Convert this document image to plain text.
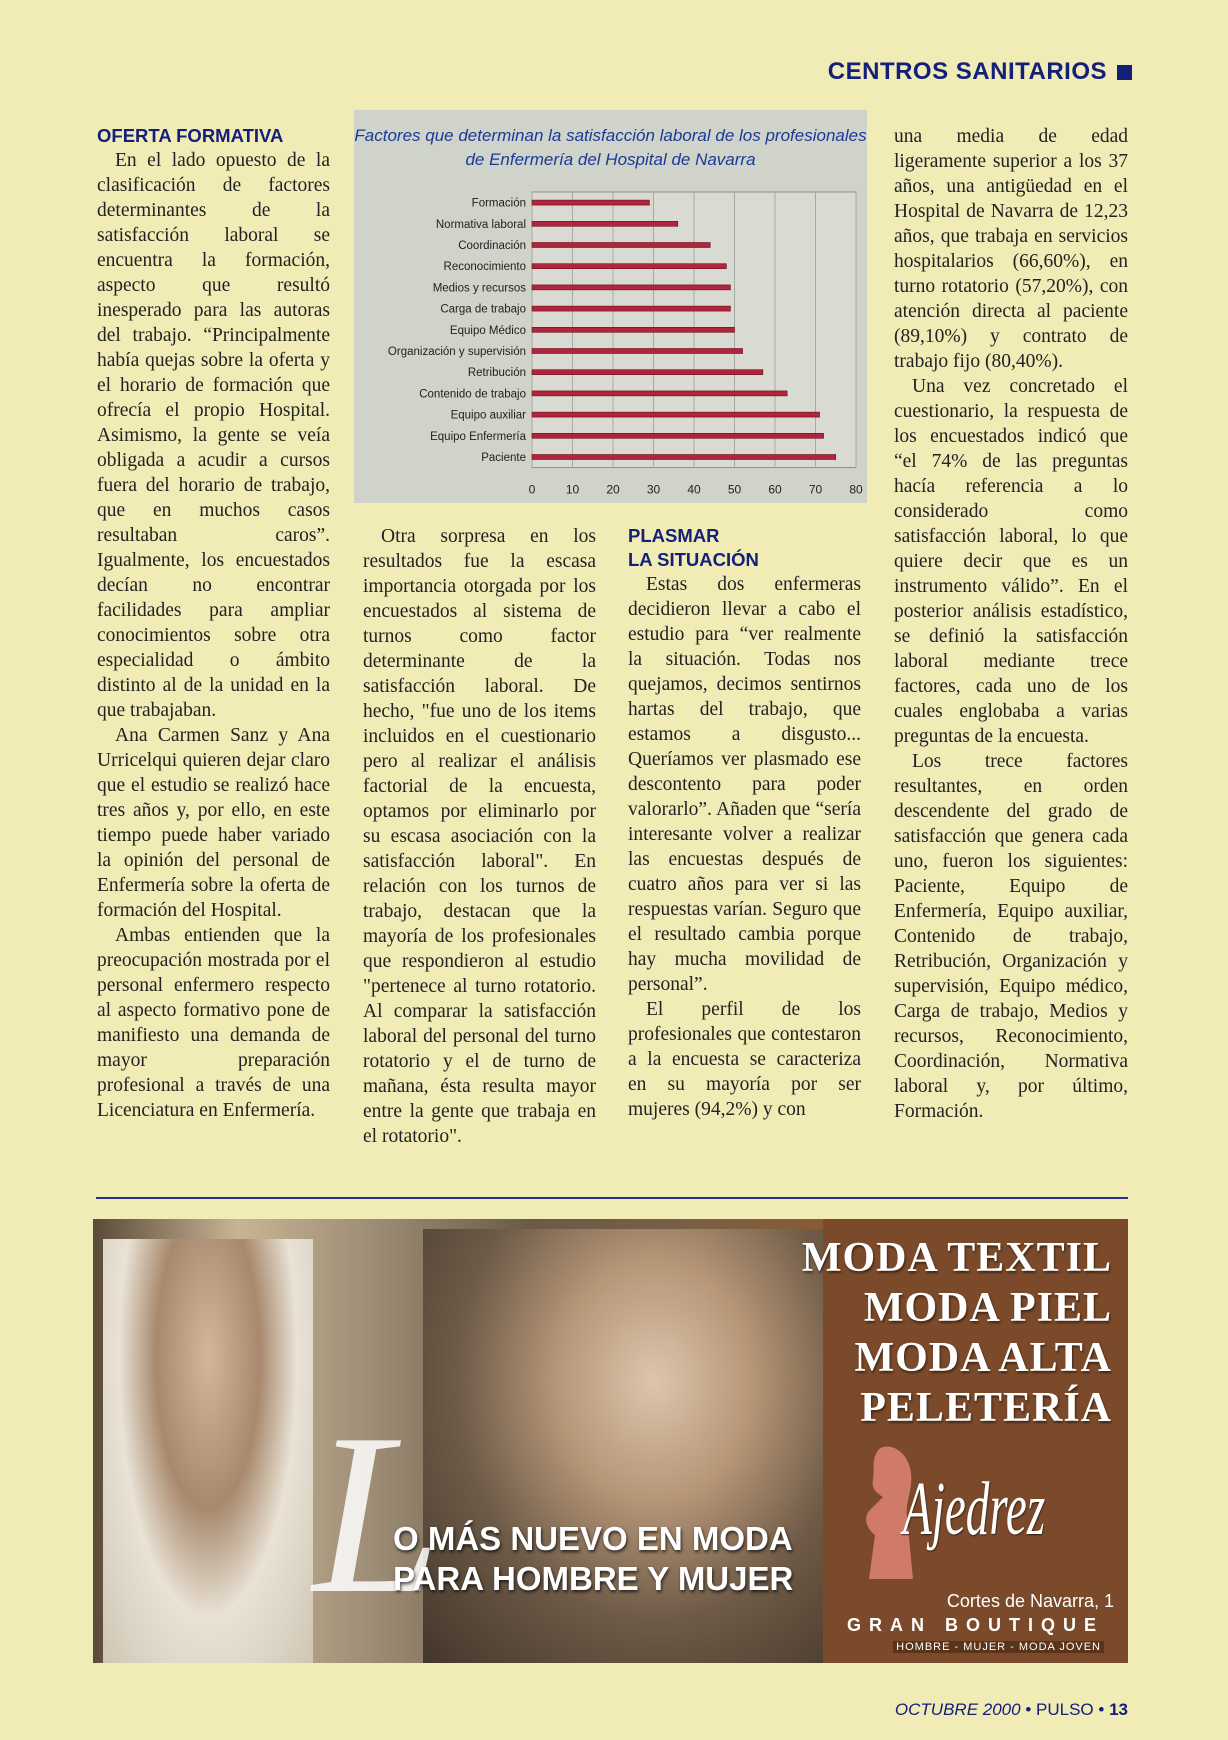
CENTROS SANITARIOS
OFERTA FORMATIVA

En el lado opuesto de la clasificación de factores determinantes de la satisfacción laboral se encuentra la formación, aspecto que resultó inesperado para las autoras del trabajo. “Principalmente había quejas sobre la oferta y el horario de formación que ofrecía el propio Hospital. Asimismo, la gente se veía obligada a acudir a cursos fuera del horario de trabajo, que en muchos casos resultaban caros”. Igualmente, los encuestados decían no encontrar facilidades para ampliar conocimientos sobre otra especialidad o ámbito distinto al de la unidad en la que trabajaban.

Ana Carmen Sanz y Ana Urricelqui quieren dejar claro que el estudio se realizó hace tres años y, por ello, en este tiempo puede haber variado la opinión del personal de Enfermería sobre la oferta de formación del Hospital.

Ambas entienden que la preocupación mostrada por el personal enfermero respecto al aspecto formativo pone de manifiesto una demanda de mayor preparación profesional a través de una Licenciatura en Enfermería.

Factores que determinan la satisfacción laboral de los profesionales de Enfermería del Hospital de Navarra
0	10 20 30 40 50 60 70 80
Formación
Normativa laboral
Coordinación
Reconocimiento
Medios y recursos
Carga de trabajo
Equipo Médico
Organización y supervisión
Retribución
Contenido de trabajo
Equipo auxiliar
Equipo Enfermería
Paciente

Otra sorpresa en los resultados fue la escasa importancia otorgada por los encuestados al sistema de turnos como factor determinante de la satisfacción laboral. De hecho, "fue uno de los items incluidos en el cuestionario pero al realizar el análisis factorial de la encuesta, optamos por eliminarlo por su escasa asociación con la satisfacción laboral". En relación con los turnos de trabajo, destacan que la mayoría de los profesionales que respondieron al estudio "pertenece al turno rotatorio. Al comparar la satisfacción laboral del personal del turno rotatorio y el de turno de mañana, ésta resulta mayor entre la gente que trabaja en el rotatorio".

PLASMAR
LA SITUACIÓN

Estas dos enfermeras decidieron llevar a cabo el estudio para “ver realmente la situación. Todas nos quejamos, decimos sentirnos hartas del trabajo, que estamos a disgusto... Queríamos ver plasmado ese descontento para poder valorarlo”. Añaden que “sería interesante volver a realizar las encuestas después de cuatro años para ver si las respuestas varían. Seguro que el resultado cambia porque hay mucha movilidad de personal”.

El perfil de los profesionales que contestaron a la encuesta se caracteriza en su mayoría por ser mujeres (94,2%) y con

una media de edad ligeramente superior a los 37 años, una antigüedad en el Hospital de Navarra de 12,23 años, que trabaja en servicios hospitalarios (66,60%), en turno rotatorio (57,20%), con atención directa al paciente (89,10%) y contrato de trabajo fijo (80,40%).

Una vez concretado el cuestionario, la respuesta de los encuestados indicó que “el 74% de las preguntas hacía referencia a lo considerado como satisfacción laboral, lo que quiere decir que es un instrumento válido”. En el posterior análisis estadístico, se definió la satisfacción laboral mediante trece factores, cada uno de los cuales englobaba a varias preguntas de la encuesta.

Los trece factores resultantes, en orden descendente del grado de satisfacción que genera cada uno, fueron los siguientes: Paciente, Equipo de Enfermería, Equipo auxiliar, Contenido de trabajo, Retribución, Organización y supervisión, Equipo médico, Carga de trabajo, Medios y recursos, Reconocimiento, Coordinación, Normativa laboral y, por último, Formación.

MODA TEXTIL
MODA PIEL
MODA ALTA
PELETERÍA
L
O MÁS NUEVO EN MODA
PARA HOMBRE Y MUJER
Ajedrez
Cortes de Navarra, 1
GRAN BOUTIQUE
HOMBRE - MUJER - MODA JOVEN
OCTUBRE 2000 • PULSO • 13
